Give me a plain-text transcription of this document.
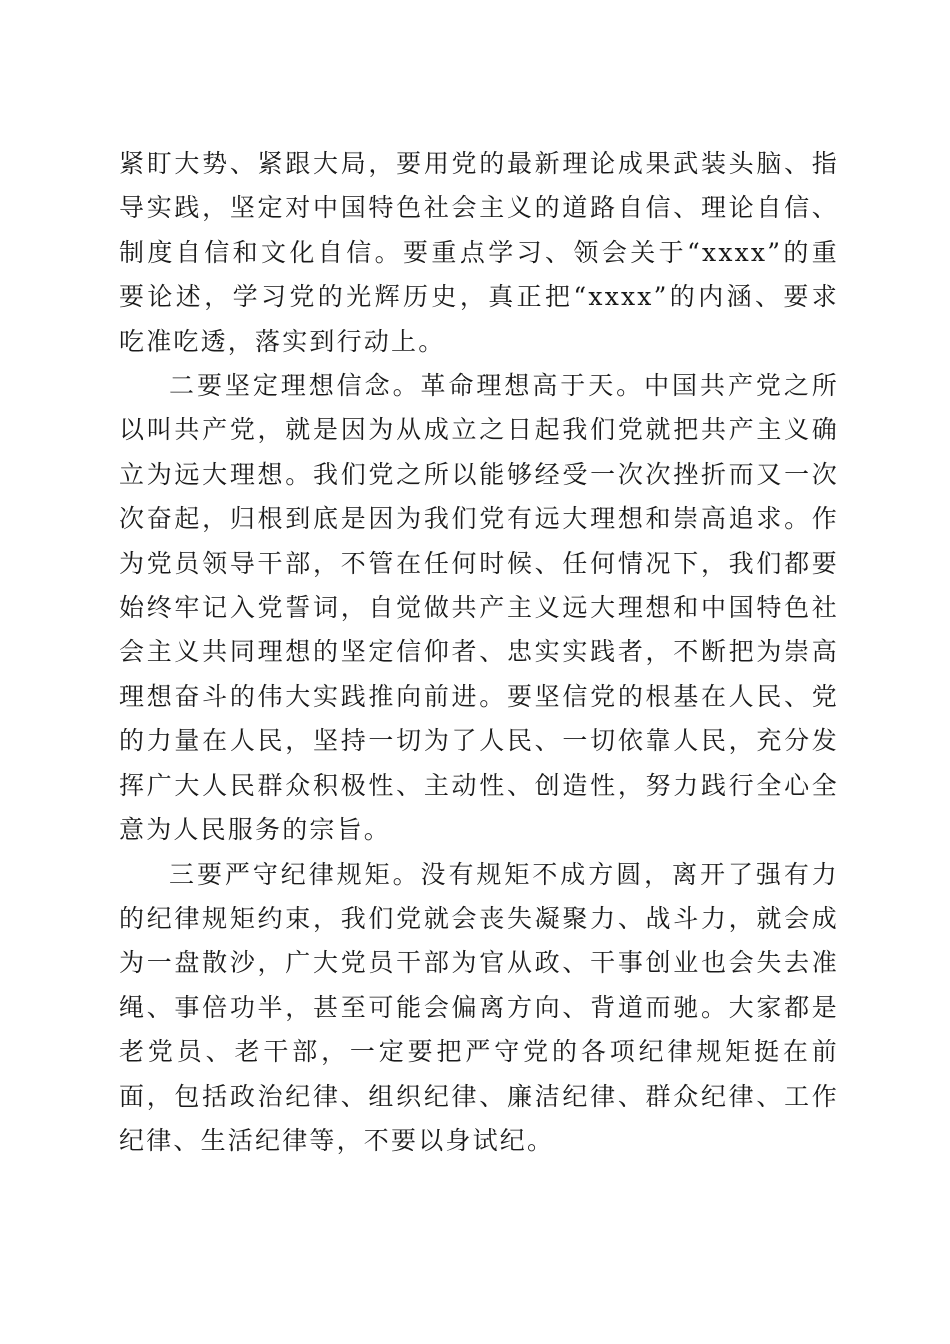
紧盯大势、紧跟大局，要用党的最新理论成果武装头脑、指导实践，坚定对中国特色社会主义的道路自信、理论自信、制度自信和文化自信。要重点学习、领会关于“xxxx”的重要论述，学习党的光辉历史，真正把“xxxx”的内涵、要求吃准吃透，落实到行动上。

二要坚定理想信念。革命理想高于天。中国共产党之所以叫共产党，就是因为从成立之日起我们党就把共产主义确立为远大理想。我们党之所以能够经受一次次挫折而又一次次奋起，归根到底是因为我们党有远大理想和崇高追求。作为党员领导干部，不管在任何时候、任何情况下，我们都要始终牢记入党誓词，自觉做共产主义远大理想和中国特色社会主义共同理想的坚定信仰者、忠实实践者，不断把为崇高理想奋斗的伟大实践推向前进。要坚信党的根基在人民、党的力量在人民，坚持一切为了人民、一切依靠人民，充分发挥广大人民群众积极性、主动性、创造性，努力践行全心全意为人民服务的宗旨。

三要严守纪律规矩。没有规矩不成方圆，离开了强有力的纪律规矩约束，我们党就会丧失凝聚力、战斗力，就会成为一盘散沙，广大党员干部为官从政、干事创业也会失去准绳、事倍功半，甚至可能会偏离方向、背道而驰。大家都是老党员、老干部，一定要把严守党的各项纪律规矩挺在前面，包括政治纪律、组织纪律、廉洁纪律、群众纪律、工作纪律、生活纪律等，不要以身试纪。
